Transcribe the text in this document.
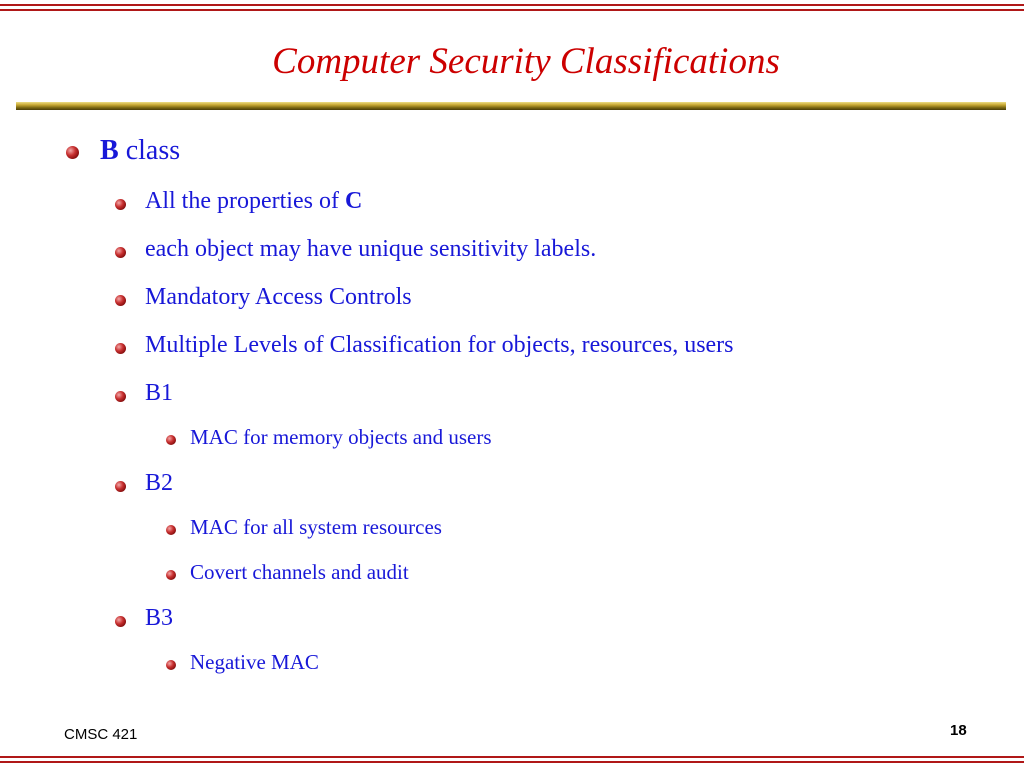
Computer Security Classifications
B class
All the properties of C
each object may have unique sensitivity labels.
Mandatory Access Controls
Multiple Levels of Classification for objects, resources, users
B1
MAC for memory objects and users
B2
MAC for all system resources
Covert channels and audit
B3
Negative MAC
CMSC 421	18
